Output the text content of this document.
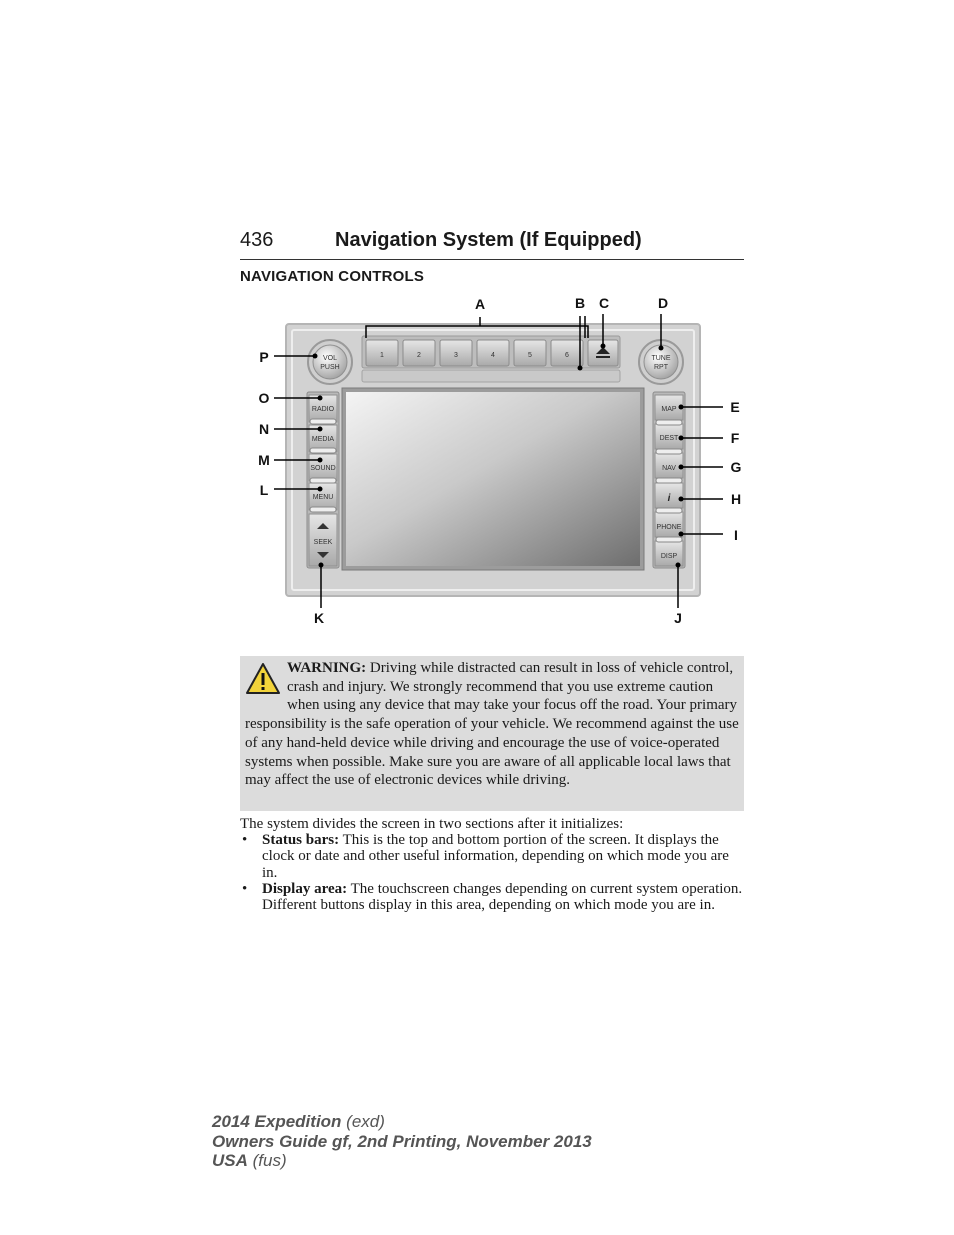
436	Navigation System (If Equipped)
NAVIGATION CONTROLS
1	2	3	4	5	6
VOL
PUSH
TUNE
RPT
RADIO
MEDIA
SOUND
MENU
SEEK
MAP
DEST
NAV
i
PHONE
DISP
A	B C	D
P
O
N
M
L
E
F
G
H
I
K	J
WARNING: Driving while distracted can result in loss of vehicle control, crash and injury. We strongly recommend that you use extreme caution when using any device that may take your focus off the road. Your primary responsibility is the safe operation of your vehicle. We recommend against the use of any hand-held device while driving and encourage the use of voice-operated systems when possible. Make sure you are aware of all applicable local laws that may affect the use of electronic devices while driving.

The system divides the screen in two sections after it initializes:

• Status bars: This is the top and bottom portion of the screen. It displays the clock or date and other useful information, depending on which mode you are in.

• Display area: The touchscreen changes depending on current system operation. Different buttons display in this area, depending on which mode you are in.

2014 Expedition (exd)
Owners Guide gf, 2nd Printing, November 2013
USA (fus)
